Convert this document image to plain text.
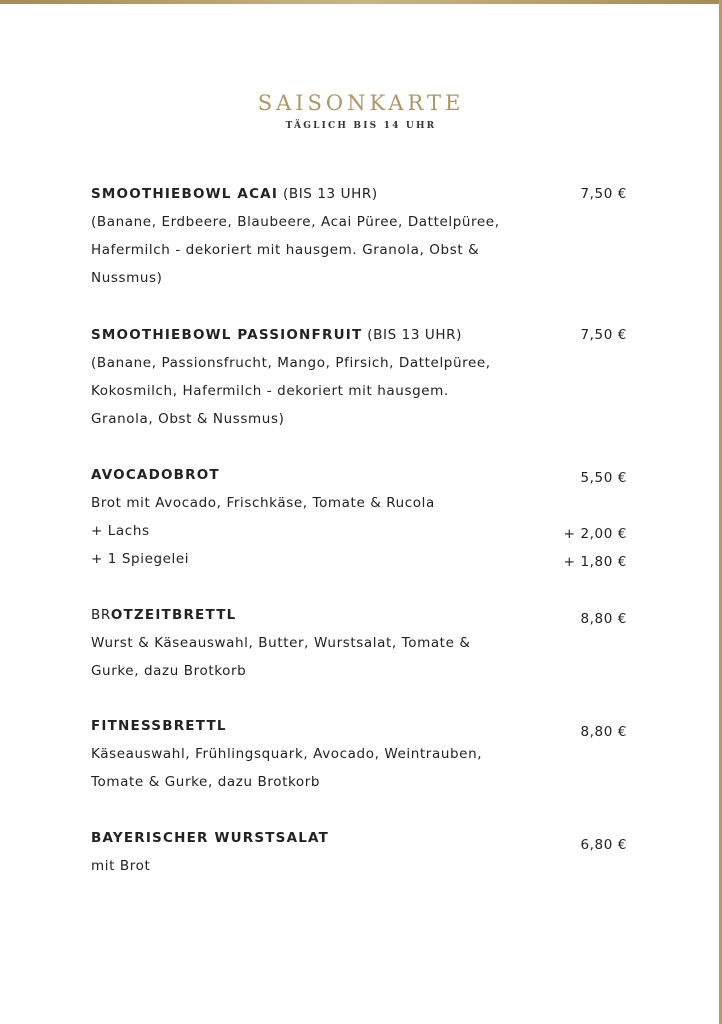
SAISONKARTE
TÄGLICH BIS 14 UHR
SMOOTHIEBOWL ACAI (BIS 13 UHR)	7,50 €
(Banane, Erdbeere, Blaubeere, Acai Püree, Dattelpüree,
Hafermilch - dekoriert mit hausgem. Granola, Obst &
Nussmus)
SMOOTHIEBOWL PASSIONFRUIT (BIS 13 UHR)	7,50 €
(Banane, Passionsfrucht, Mango, Pfirsich, Dattelpüree,
Kokosmilch, Hafermilch - dekoriert mit hausgem.
Granola, Obst & Nussmus)
AVOCADOBROT	5,50 €
Brot mit Avocado, Frischkäse, Tomate & Rucola
+ Lachs	+ 2,00 €
+ 1 Spiegelei	+ 1,80 €
BROTZEITBRETTL	8,80 €
Wurst & Käseauswahl, Butter, Wurstsalat, Tomate &
Gurke, dazu Brotkorb
FITNESSBRETTL	8,80 €
Käseauswahl, Frühlingsquark, Avocado, Weintrauben,
Tomate & Gurke, dazu Brotkorb
BAYERISCHER WURSTSALAT	6,80 €
mit Brot
